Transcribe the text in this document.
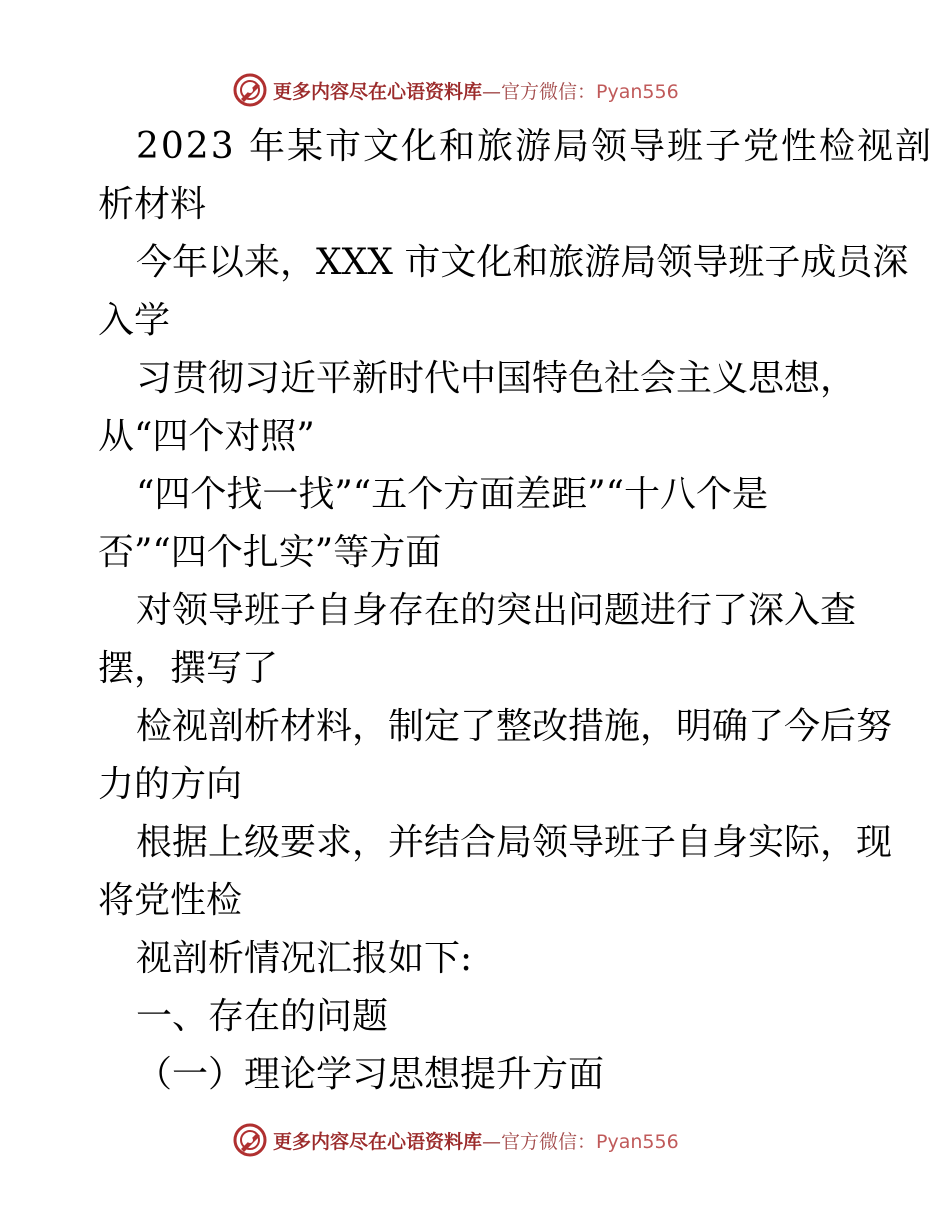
更多内容尽在心语资料库—官方微信：Pyan556

2023 年某市文化和旅游局领导班子党性检视剖

析材料

今年以来，XXX 市文化和旅游局领导班子成员深

入学

习贯彻习近平新时代中国特色社会主义思想，

从“四个对照”

“四个找一找”“五个方面差距”“十八个是

否”“四个扎实”等方面

对领导班子自身存在的突出问题进行了深入查

摆，撰写了

检视剖析材料，制定了整改措施，明确了今后努

力的方向

根据上级要求，并结合局领导班子自身实际，现

将党性检

视剖析情况汇报如下:

一、存在的问题

（一）理论学习思想提升方面

更多内容尽在心语资料库—官方微信：Pyan556
